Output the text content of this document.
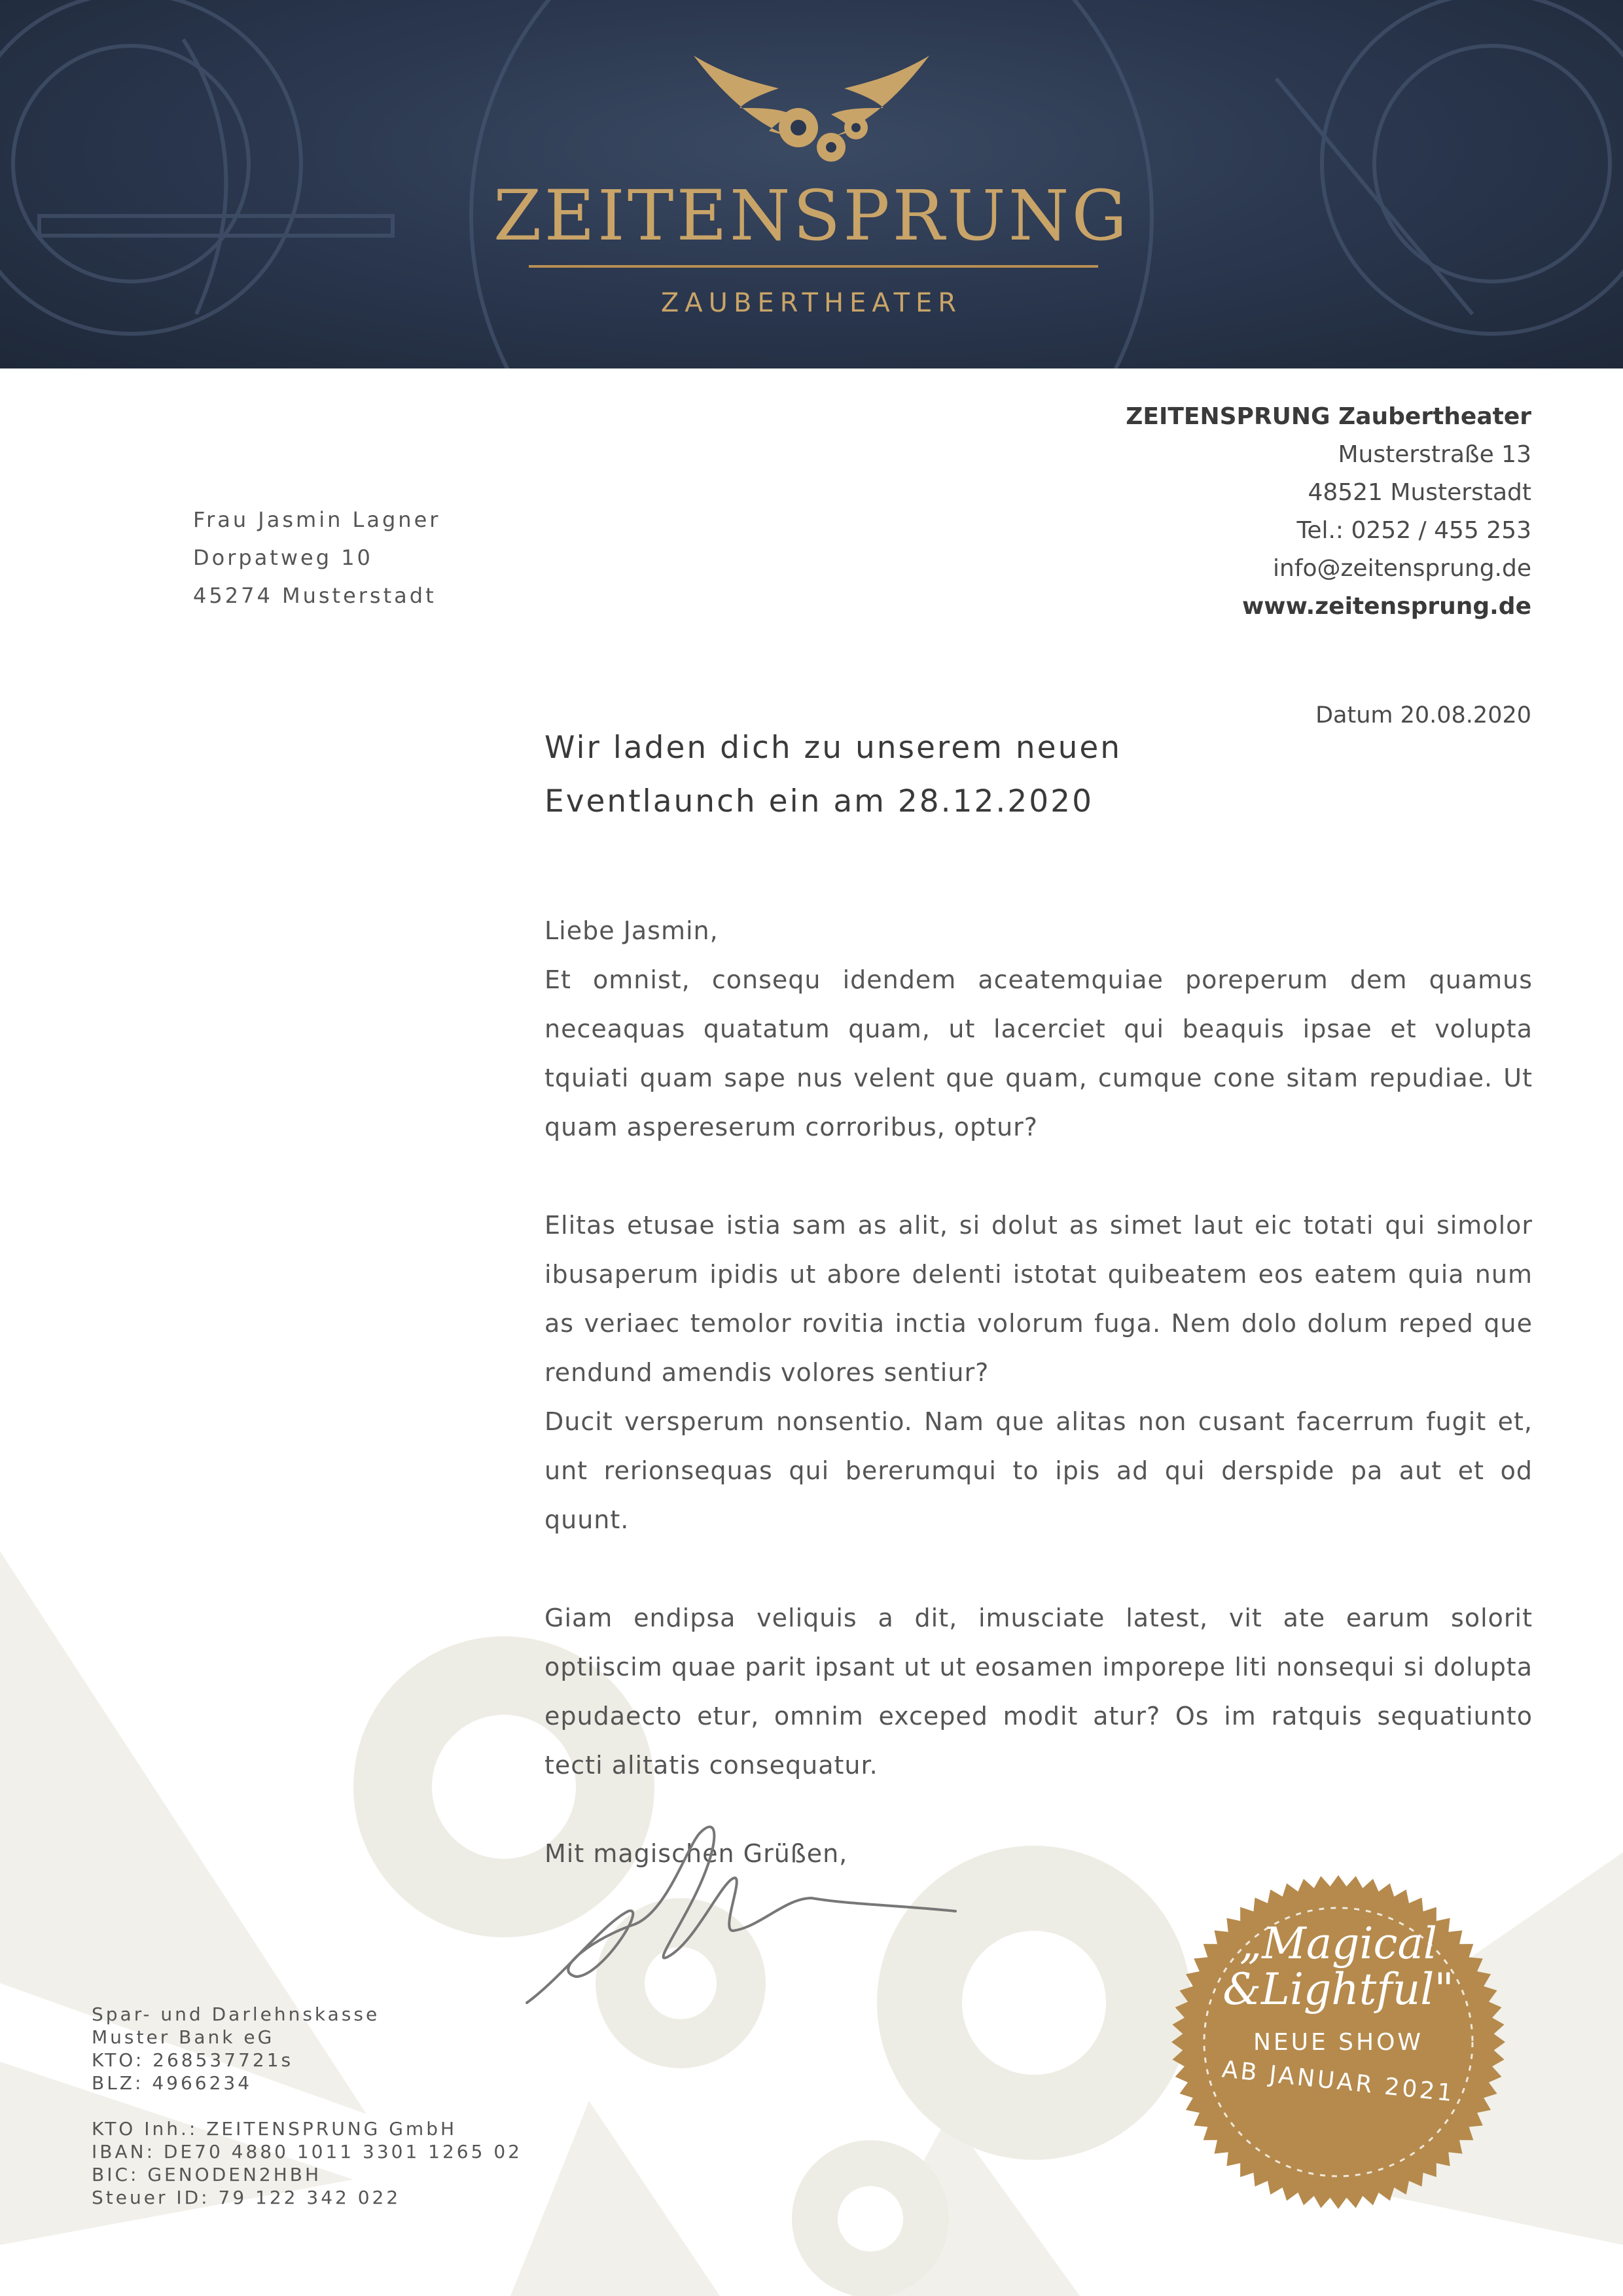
ZEITENSPRUNG
ZAUBERTHEATER
ZEITENSPRUNG Zaubertheater
Musterstraße 13
48521 Musterstadt
Tel.: 0252 / 455 253
info@zeitensprung.de
www.zeitensprung.de
Frau Jasmin Lagner
Dorpatweg 10
45274 Musterstadt
Datum 20.08.2020
Wir laden dich zu unserem neuen
Eventlaunch ein am 28.12.2020

Liebe Jasmin,

Et omnist, consequ idendem aceatemquiae poreperum dem quamus neceaquas quatatum quam, ut lacerciet qui beaquis ipsae et volupta tquiati quam sape nus velent que quam, cumque cone sitam repudiae. Ut quam aspereserum corroribus, optur?

Elitas etusae istia sam as alit, si dolut as simet laut eic totati qui simolor ibusaperum ipidis ut abore delenti istotat quibeatem eos eatem quia num as veriaec temolor rovitia inctia volorum fuga. Nem dolo dolum reped que rendund amendis volores sentiur?

Ducit versperum nonsentio. Nam que alitas non cusant facerrum fugit et, unt rerionsequas qui bererumqui to ipis ad qui derspide pa aut et od quunt.

Giam endipsa veliquis a dit, imusciate latest, vit ate earum solorit optiiscim quae parit ipsant ut ut eosamen imporepe liti nonsequi si dolupta epudaecto etur, omnim exceped modit atur? Os im ratquis sequatiunto tecti alitatis consequatur.

Mit magischen Grüßen,
Spar- und Darlehnskasse
Muster Bank eG
KTO: 268537721s
BLZ: 4966234
KTO Inh.: ZEITENSPRUNG GmbH
IBAN: DE70 4880 1011 3301 1265 02
BIC: GENODEN2HBH
Steuer ID: 79 122 342 022
„Magical
&Lightful"
NEUE SHOW
AB JANUAR 2021
